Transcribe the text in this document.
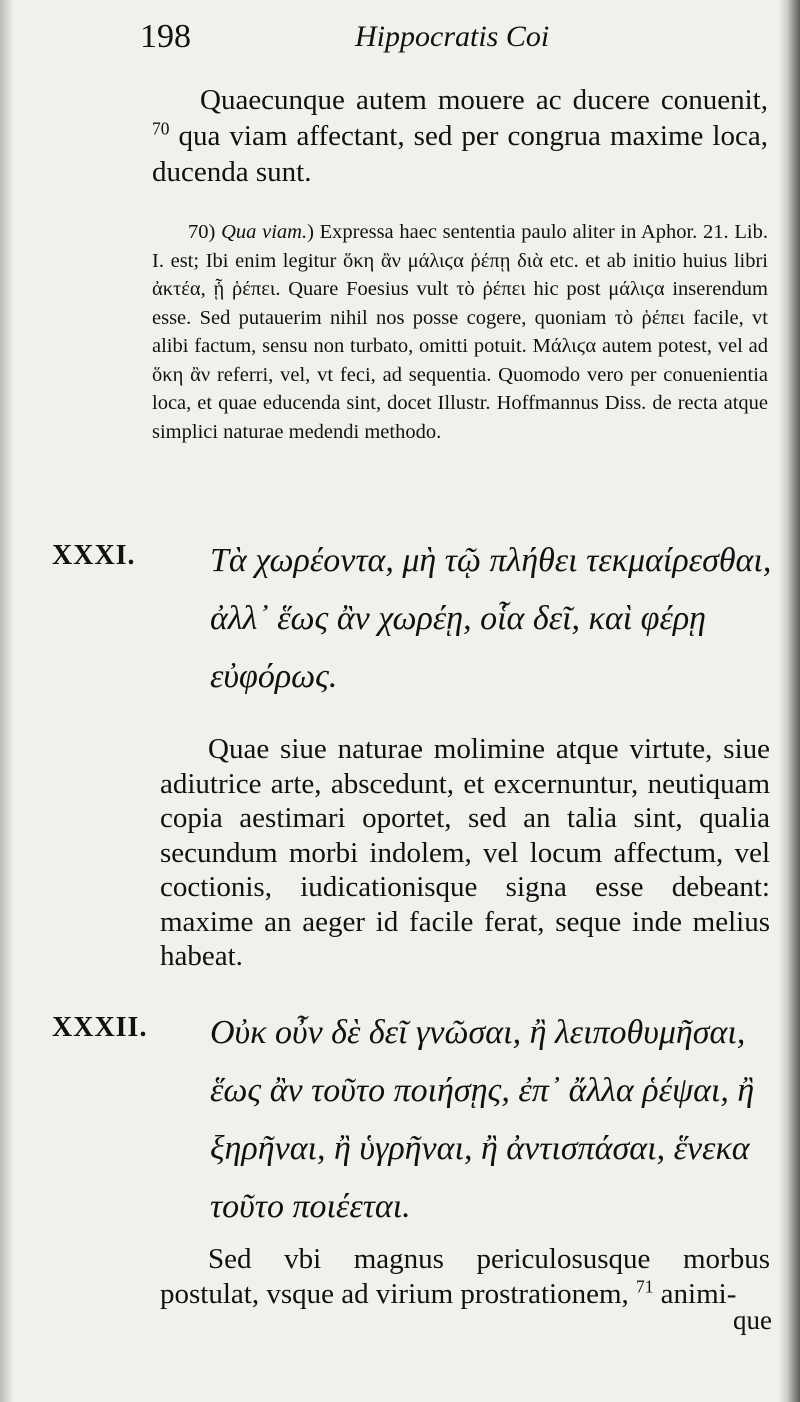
198	Hippocratis Coi
Quaecunque autem mouere ac ducere conuenit, $^{70}$ qua viam affectant, sed per congrua maxime loca, ducenda sunt.
70) Qua viam.) Expressa haec sententia paulo aliter in Aphor. 21. Lib. I. est; Ibi enim legitur ὅκη ἂν μάλιϛα ῥέπῃ διὰ etc. et ab initio huius libri ἀκτέα, ᾗ ῥέπει. Quare Foesius vult τὸ ῥέπει hic post μάλιϛα inserendum esse. Sed putauerim nihil nos posse cogere, quoniam τὸ ῥέπει facile, vt alibi factum, sensu non turbato, omitti potuit. Μάλιϛα autem potest, vel ad ὅκη ἂν referri, vel, vt feci, ad sequentia. Quomodo vero per conuenientia loca, et quae educenda sint, docet Illustr. Hoffmannus Diss. de recta atque simplici naturae medendi methodo.
XXXI. Τὰ χωρέοντα, μὴ τῷ πλήθει τεκμαίρεσθαι, ἀλλ᾽ ἕως ἂν χωρέῃ, οἷα δεῖ, καὶ φέρῃ εὐφόρως.
Quae siue naturae molimine atque virtute, siue adiutrice arte, abscedunt, et excernuntur, neutiquam copia aestimari oportet, sed an talia sint, qualia secundum morbi indolem, vel locum affectum, vel coctionis, iudicationisque signa esse debeant: maxime an aeger id facile ferat, seque inde melius habeat.
XXXII. Οὐκ οὖν δὲ δεῖ γνῶσαι, ἢ λειποθυμῆσαι, ἕως ἂν τοῦτο ποιήσῃς, ἐπ᾽ ἄλλα ῥέψαι, ἢ ξηρῆναι, ἢ ὑγρῆναι, ἢ ἀντισπάσαι, ἕνεκα τοῦτο ποιέεται.
Sed vbi magnus periculosusque morbus postulat, vsque ad virium prostrationem, $^{71}$ animi-
que
